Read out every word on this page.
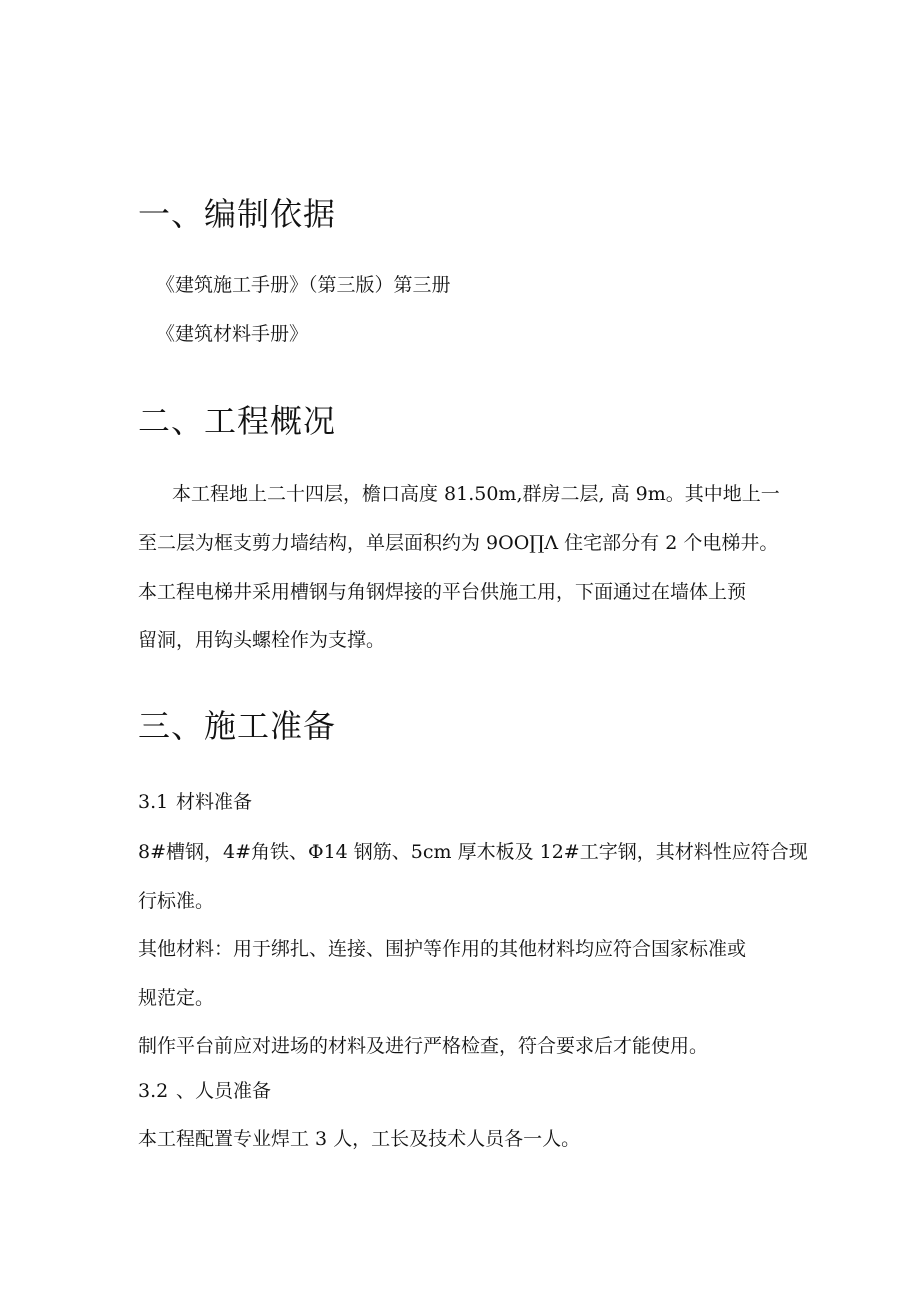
一、编制依据

《建筑施工手册》（第三版）第三册

《建筑材料手册》

二、工程概况

本工程地上二十四层，檐口高度 81.50m,群房二层, 高 9m。其中地上一

至二层为框支剪力墙结构，单层面积约为 9OO∏Λ 住宅部分有 2 个电梯井。

本工程电梯井采用槽钢与角钢焊接的平台供施工用，下面通过在墙体上预

留洞，用钩头螺栓作为支撑。

三、施工准备

3.1 材料准备

8#槽钢，4#角铁、Φ14 钢筋、5cm 厚木板及 12#工字钢，其材料性应符合现

行标准。

其他材料：用于绑扎、连接、围护等作用的其他材料均应符合国家标准或

规范定。

制作平台前应对进场的材料及进行严格检查，符合要求后才能使用。

3.2 、人员准备

本工程配置专业焊工 3 人，工长及技术人员各一人。
